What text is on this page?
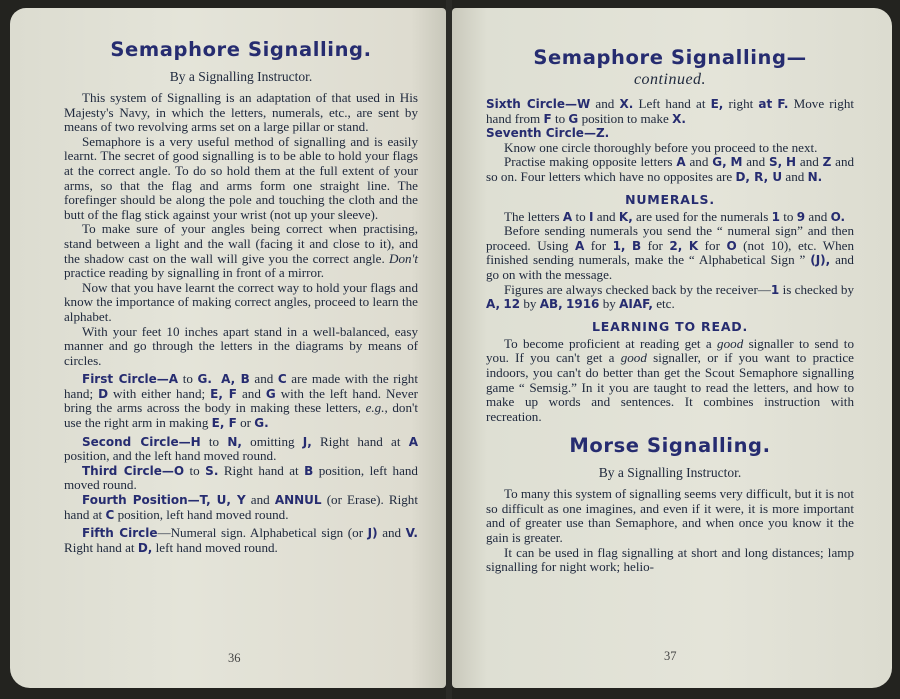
Semaphore Signalling.
By a Signalling Instructor.

This system of Signalling is an adaptation of that used in His Majesty's Navy, in which the letters, numerals, etc., are sent by means of two revolving arms set on a large pillar or stand.

Semaphore is a very useful method of signalling and is easily learnt. The secret of good signalling is to be able to hold your flags at the correct angle. To do so hold them at the full extent of your arms, so that the flag and arms form one straight line. The forefinger should be along the pole and touching the cloth and the butt of the flag stick against your wrist (not up your sleeve).

To make sure of your angles being correct when practising, stand between a light and the wall (facing it and close to it), and the shadow cast on the wall will give you the correct angle. Don't practice reading by signalling in front of a mirror.

Now that you have learnt the correct way to hold your flags and know the importance of making correct angles, proceed to learn the alphabet.

With your feet 10 inches apart stand in a well-balanced, easy manner and go through the letters in the diagrams by means of circles.

First Circle—A to G. A, B and C are made with the right hand; D with either hand; E, F and G with the left hand. Never bring the arms across the body in making these letters, e.g., don't use the right arm in making E, F or G.

Second Circle—H to N, omitting J, Right hand at A position, and the left hand moved round.

Third Circle—O to S. Right hand at B position, left hand moved round.

Fourth Position—T, U, Y and ANNUL (or Erase). Right hand at C position, left hand moved round.

Fifth Circle—Numeral sign. Alphabetical sign (or J) and V. Right hand at D, left hand moved round.

36
Semaphore Signalling—
continued.

Sixth Circle—W and X. Left hand at E, right at F. Move right hand from F to G position to make X.

Seventh Circle—Z.

Know one circle thoroughly before you proceed to the next.

Practise making opposite letters A and G, M and S, H and Z and so on. Four letters which have no opposites are D, R, U and N.

NUMERALS.

The letters A to I and K, are used for the numerals 1 to 9 and O.

Before sending numerals you send the “ numeral sign” and then proceed. Using A for 1, B for 2, K for O (not 10), etc. When finished sending numerals, make the “ Alphabetical Sign ” (J), and go on with the message.

Figures are always checked back by the receiver—1 is checked by A, 12 by AB, 1916 by AIAF, etc.

LEARNING TO READ.

To become proficient at reading get a good signaller to send to you. If you can't get a good signaller, or if you want to practice indoors, you can't do better than get the Scout Semaphore signalling game “ Semsig.” In it you are taught to read the letters, and how to make up words and sentences. It combines instruction with recreation.

Morse Signalling.
By a Signalling Instructor.

To many this system of signalling seems very difficult, but it is not so difficult as one imagines, and even if it were, it is more important and of greater use than Semaphore, and when once you know it the gain is greater.

It can be used in flag signalling at short and long distances; lamp signalling for night work; helio-

37
